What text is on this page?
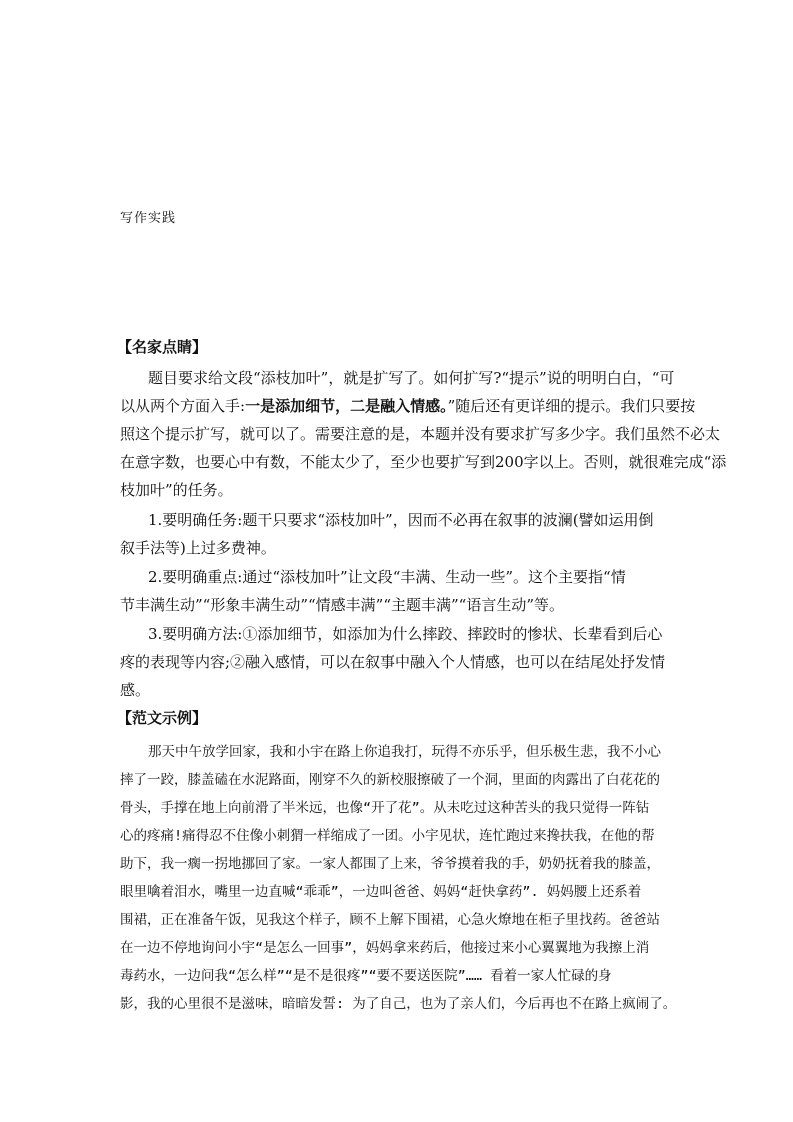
写作实践
【名家点睛】
题目要求给文段“添枝加叶”，就是扩写了。如何扩写?“提示”说的明明白白，“可
以从两个方面入手:一是添加细节，二是融入情感。”随后还有更详细的提示。我们只要按
照这个提示扩写，就可以了。需要注意的是，本题并没有要求扩写多少字。我们虽然不必太
在意字数，也要心中有数，不能太少了，至少也要扩写到200字以上。否则，就很难完成“添
枝加叶”的任务。
1.要明确任务:题干只要求“添枝加叶”，因而不必再在叙事的波澜(譬如运用倒
叙手法等)上过多费神。
2.要明确重点:通过“添枝加叶”让文段“丰满、生动一些”。这个主要指“情
节丰满生动”“形象丰满生动”“情感丰满”“主题丰满”“语言生动”等。
3.要明确方法:①添加细节，如添加为什么摔跤、摔跤时的惨状、长辈看到后心
疼的表现等内容;②融入感情，可以在叙事中融入个人情感，也可以在结尾处抒发情
感。
【范文示例】
那天中午放学回家，我和小宇在路上你追我打，玩得不亦乐乎，但乐极生悲，我不小心
摔了一跤，膝盖磕在水泥路面，刚穿不久的新校服擦破了一个洞，里面的肉露出了白花花的
骨头，手撑在地上向前滑了半米远，也像“开了花”。从未吃过这种苦头的我只觉得一阵钻
心的疼痛!痛得忍不住像小刺猬一样缩成了一团。小宇见状，连忙跑过来搀扶我，在他的帮
助下，我一瘸一拐地挪回了家。一家人都围了上来，爷爷摸着我的手，奶奶抚着我的膝盖，
眼里噙着泪水，嘴里一边直喊“乖乖”，一边叫爸爸、妈妈“赶快拿药”. 妈妈腰上还系着
围裙，正在准备午饭，见我这个样子，顾不上解下围裙，心急火燎地在柜子里找药。爸爸站
在一边不停地询问小宇“是怎么一回事”，妈妈拿来药后，他接过来小心翼翼地为我擦上消
毒药水，一边问我“怎么样”“是不是很疼”“要不要送医院”…… 看着一家人忙碌的身
影，我的心里很不是滋味，暗暗发誓: 为了自己，也为了亲人们，今后再也不在路上疯闹了。
